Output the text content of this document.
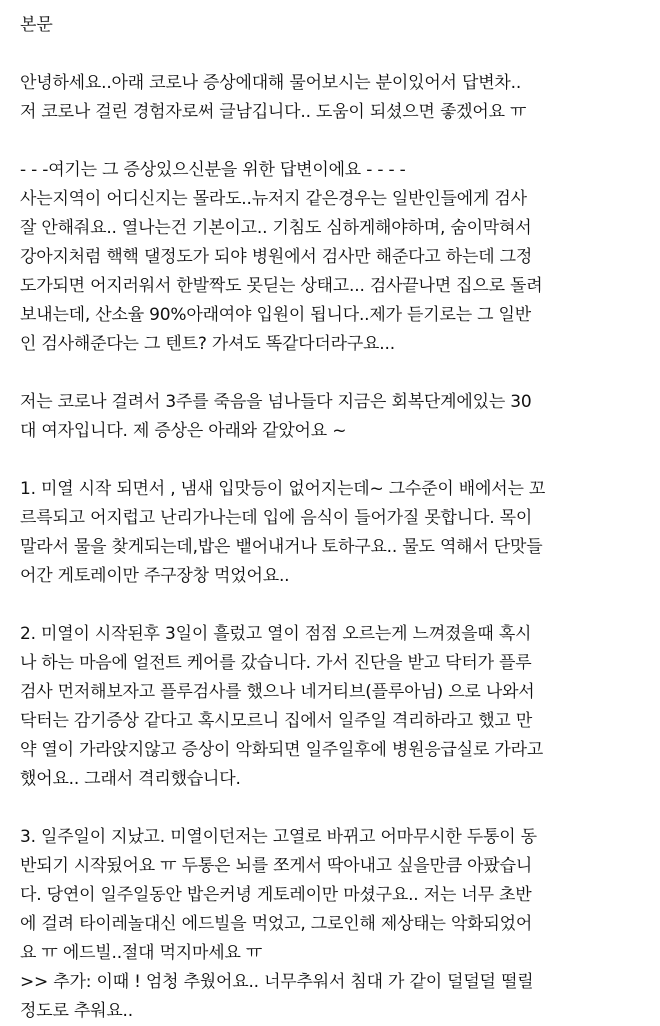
본문
안녕하세요..아래 코로나 증상에대해 물어보시는 분이있어서 답변차..
저 코로나 걸린 경험자로써 글남깁니다.. 도움이 되셨으면 좋겠어요 ㅠ
- - -여기는 그 증상있으신분을 위한 답변이에요 - - - -
사는지역이 어디신지는 몰라도..뉴저지 같은경우는 일반인들에게 검사
잘 안해줘요.. 열나는건 기본이고.. 기침도 심하게해야하며, 숨이막혀서
강아지처럼 핵핵 댈정도가 되야 병원에서 검사만 해준다고 하는데 그정
도가되면 어지러워서 한발짝도 못딛는 상태고... 검사끝나면 집으로 돌려
보내는데, 산소율 90%아래여야 입원이 됩니다..제가 듣기로는 그 일반
인 검사해준다는 그 텐트? 가셔도 똑같다더라구요...
저는 코로나 걸려서 3주를 죽음을 넘나들다 지금은 회복단계에있는 30
대 여자입니다. 제 증상은 아래와 같았어요 ~
1. 미열 시작 되면서 , 냄새 입맛등이 없어지는데~ 그수준이 배에서는 꼬
르륵되고 어지럽고 난리가나는데 입에 음식이 들어가질 못합니다. 목이
말라서 물을 찾게되는데,밥은 뱉어내거나 토하구요.. 물도 역해서 단맛들
어간 게토레이만 주구장창 먹었어요..
2. 미열이 시작된후 3일이 흘렀고 열이 점점 오르는게 느껴졌을때 혹시
나 하는 마음에 얼전트 케어를 갔습니다. 가서 진단을 받고 닥터가 플루
검사 먼저해보자고 플루검사를 했으나 네거티브(플루아님) 으로 나와서
닥터는 감기증상 같다고 혹시모르니 집에서 일주일 격리하라고 했고 만
약 열이 가라앉지않고 증상이 악화되면 일주일후에 병원응급실로 가라고
했어요.. 그래서 격리했습니다.
3. 일주일이 지났고. 미열이던저는 고열로 바뀌고 어마무시한 두통이 동
반되기 시작됬어요 ㅠ 두통은 뇌를 쪼게서 딱아내고 싶을만큼 아팠습니
다. 당연이 일주일동안 밥은커녕 게토레이만 마셨구요.. 저는 너무 초반
에 걸려 타이레놀대신 에드빌을 먹었고, 그로인해 제상태는 악화되었어
요 ㅠ 에드빌..절대 먹지마세요 ㅠ
>> 추가: 이때 ! 엄청 추웠어요.. 너무추워서 침대 가 같이 덜덜덜 떨릴
정도로 추워요..
